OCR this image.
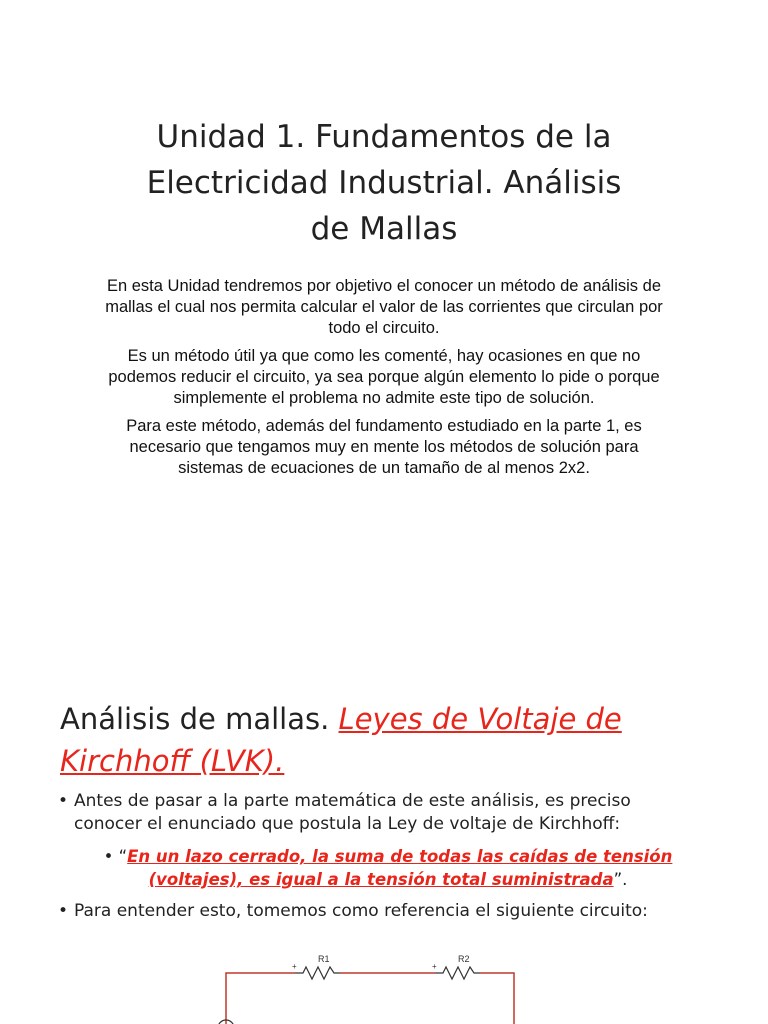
Unidad 1. Fundamentos de la
Electricidad Industrial. Análisis
de Mallas

En esta Unidad tendremos por objetivo el conocer un método de análisis de
mallas el cual nos permita calcular el valor de las corrientes que circulan por
todo el circuito.

Es un método útil ya que como les comenté, hay ocasiones en que no
podemos reducir el circuito, ya sea porque algún elemento lo pide o porque
simplemente el problema no admite este tipo de solución.

Para este método, además del fundamento estudiado en la parte 1, es
necesario que tengamos muy en mente los métodos de solución para
sistemas de ecuaciones de un tamaño de al menos 2x2.

Análisis de mallas. Leyes de Voltaje de
Kirchhoff (LVK).
• Antes de pasar a la parte matemática de este análisis, es preciso
conocer el enunciado que postula la Ley de voltaje de Kirchhoff:
• “En un lazo cerrado, la suma de todas las caídas de tensión
(voltajes), es igual a la tensión total suministrada”.
• Para entender esto, tomemos como referencia el siguiente circuito:
R1
+
R2
+
